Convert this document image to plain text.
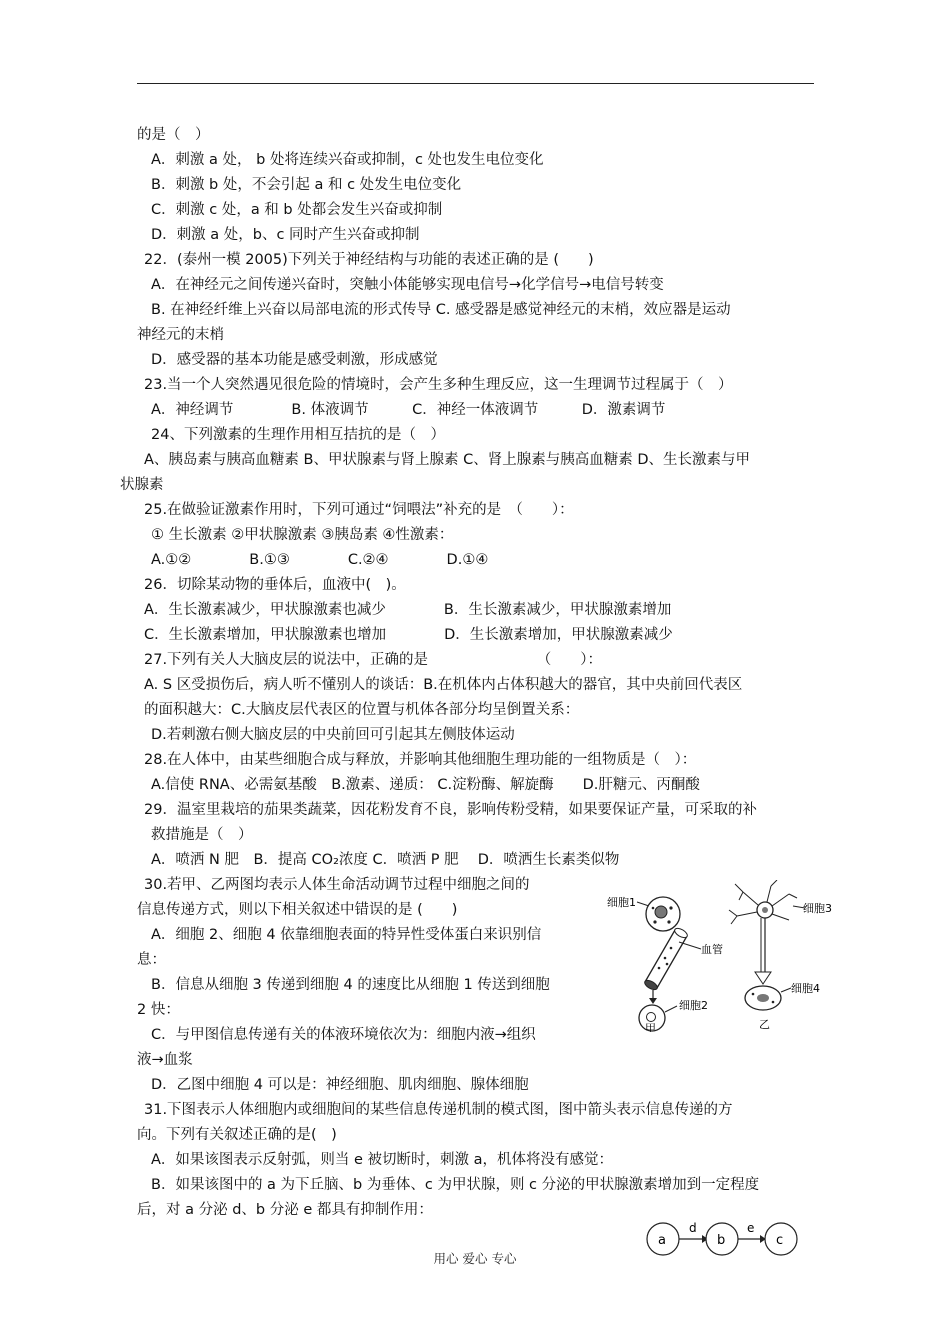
的是（　）
A．刺激 a 处， b 处将连续兴奋或抑制，c 处也发生电位变化
B．刺激 b 处，不会引起 a 和 c 处发生电位变化
C．刺激 c 处，a 和 b 处都会发生兴奋或抑制
D．刺激 a 处，b、c 同时产生兴奋或抑制
22．(泰州一模 2005)下列关于神经结构与功能的表述正确的是 (　　)
A．在神经元之间传递兴奋时，突触小体能够实现电信号→化学信号→电信号转变
B. 在神经纤维上兴奋以局部电流的形式传导 C. 感受器是感觉神经元的末梢，效应器是运动
神经元的末梢
D．感受器的基本功能是感受刺激，形成感觉
23.当一个人突然遇见很危险的情境时，会产生多种生理反应，这一生理调节过程属于（　）
A．神经调节　　　　B. 体液调节　　　C．神经一体液调节　　　D．激素调节
24、下列激素的生理作用相互拮抗的是（　）
A、胰岛素与胰高血糖素 B、甲状腺素与肾上腺素 C、肾上腺素与胰高血糖素 D、生长激素与甲
状腺素
25.在做验证激素作用时，下列可通过“饲喂法”补充的是　（　　）：
① 生长激素 ②甲状腺激素 ③胰岛素 ④性激素：
A.①②　　　　B.①③　　　　C.②④　　　　D.①④
26．切除某动物的垂体后，血液中(　)。
A．生长激素减少，甲状腺激素也减少　　　　B．生长激素减少，甲状腺激素增加
C．生长激素增加，甲状腺激素也增加　　　　D．生长激素增加，甲状腺激素减少
27.下列有关人大脑皮层的说法中，正确的是　　　　　　　　（　　）：
A. S 区受损伤后，病人听不懂别人的谈话：B.在机体内占体积越大的器官，其中央前回代表区
的面积越大：C.大脑皮层代表区的位置与机体各部分均呈倒置关系：
D.若刺激右侧大脑皮层的中央前回可引起其左侧肢体运动
28.在人体中，由某些细胞合成与释放，并影响其他细胞生理功能的一组物质是（　）：
A.信使 RNA、必需氨基酸　B.激素、递质： C.淀粉酶、解旋酶　　D.肝糖元、丙酮酸
29．温室里栽培的茄果类蔬菜，因花粉发育不良，影响传粉受精，如果要保证产量，可采取的补
救措施是（　）
A．喷洒 N 肥　B．提高 CO₂浓度 C．喷洒 P 肥　 D．喷洒生长素类似物
30.若甲、乙两图均表示人体生命活动调节过程中细胞之间的
信息传递方式，则以下相关叙述中错误的是 (　　)
A．细胞 2、细胞 4 依靠细胞表面的特异性受体蛋白来识别信
息：
B．信息从细胞 3 传递到细胞 4 的速度比从细胞 1 传送到细胞
2 快：
C．与甲图信息传递有关的体液环境依次为：细胞内液→组织
液→血浆
D．乙图中细胞 4 可以是：神经细胞、肌肉细胞、腺体细胞
31.下图表示人体细胞内或细胞间的某些信息传递机制的模式图，图中箭头表示信息传递的方
向。下列有关叙述正确的是(　)
A．如果该图表示反射弧，则当 e 被切断时，刺激 a，机体将没有感觉：
B．如果该图中的 a 为下丘脑、b 为垂体、c 为甲状腺，则 c 分泌的甲状腺激素增加到一定程度
后，对 a 分泌 d、b 分泌 e 都具有抑制作用：
细胞1
血管
细胞2
甲
细胞3
细胞4
乙
a
d
b
e
c
用心 爱心 专心
